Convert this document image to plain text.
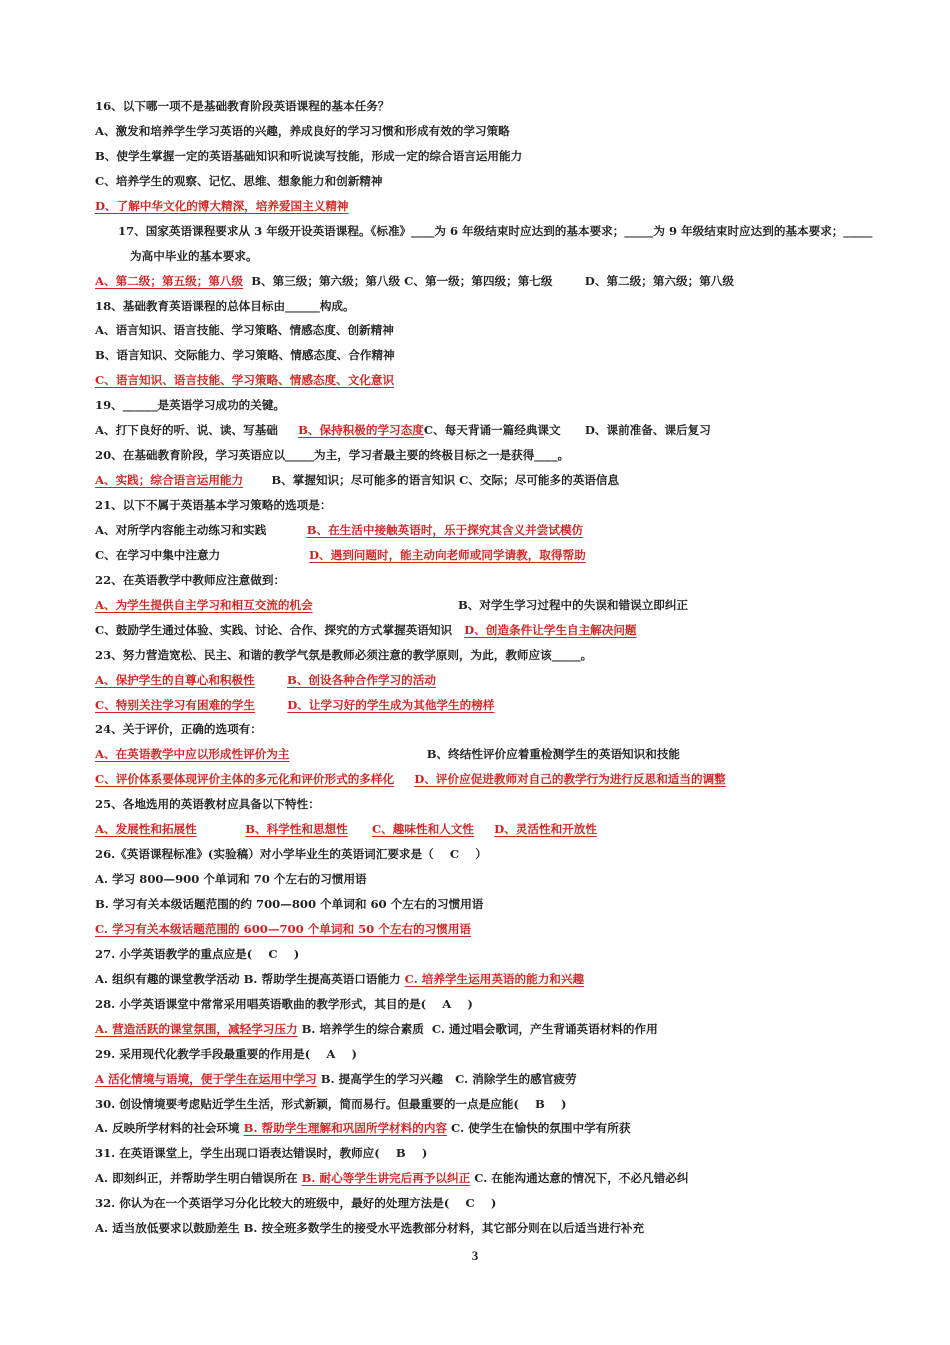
16、以下哪一项不是基础教育阶段英语课程的基本任务？
A、激发和培养学生学习英语的兴趣，养成良好的学习习惯和形成有效的学习策略
B、使学生掌握一定的英语基础知识和听说读写技能，形成一定的综合语言运用能力
C、培养学生的观察、记忆、思维、想象能力和创新精神
D、了解中华文化的博大精深，培养爱国主义精神
17、国家英语课程要求从 3 年级开设英语课程。《标准》____为 6 年级结束时应达到的基本要求；_____为 9 年级结束时应达到的基本要求；_____
为高中毕业的基本要求。
A、第二级；第五级；第八级  B、第三级；第六级；第八级 C、第一级；第四级；第七级        D、第二级；第六级；第八级
18、基础教育英语课程的总体目标由______构成。
A、语言知识、语言技能、学习策略、情感态度、创新精神
B、语言知识、交际能力、学习策略、情感态度、合作精神
C、语言知识、语言技能、学习策略、情感态度、文化意识
19、______是英语学习成功的关键。
A、打下良好的听、说、读、写基础     B、保持积极的学习态度C、每天背诵一篇经典课文      D、课前准备、课后复习
20、在基础教育阶段，学习英语应以_____为主，学习者最主要的终极目标之一是获得____。
A、实践；综合语言运用能力       B、掌握知识；尽可能多的语言知识 C、交际；尽可能多的英语信息
21、以下不属于英语基本学习策略的选项是：
A、对所学内容能主动练习和实践          B、在生活中接触英语时，乐于探究其含义并尝试模仿
C、在学习中集中注意力                      D、遇到问题时，能主动向老师或同学请教，取得帮助
22、在英语教学中教师应注意做到：
A、为学生提供自主学习和相互交流的机会                                    B、对学生学习过程中的失误和错误立即纠正
C、鼓励学生通过体验、实践、讨论、合作、探究的方式掌握英语知识   D、创造条件让学生自主解决问题
23、努力营造宽松、民主、和谐的教学气氛是教师必须注意的教学原则，为此，教师应该_____。
A、保护学生的自尊心和积极性	B、创设各种合作学习的活动
C、特别关注学习有困难的学生	D、让学习好的学生成为其他学生的榜样
24、关于评价，正确的选项有：
A、在英语教学中应以形成性评价为主                                  B、终结性评价应着重检测学生的英语知识和技能
C、评价体系要体现评价主体的多元化和评价形式的多样化 D、评价应促进教师对自己的教学行为进行反思和适当的调整
25、各地选用的英语教材应具备以下特性：
A、发展性和拓展性	B、科学性和思想性 C、趣味性和人文性 D、灵活性和开放性
26.《英语课程标准》(实验稿）对小学毕业生的英语词汇要求是（    C    ）
A. 学习 800—900 个单词和 70 个左右的习惯用语
B. 学习有关本级话题范围的约 700—800 个单词和 60 个左右的习惯用语
C. 学习有关本级话题范围的 600—700 个单词和 50 个左右的习惯用语
27. 小学英语教学的重点应是(    C    )
A. 组织有趣的课堂教学活动 B. 帮助学生提高英语口语能力 C. 培养学生运用英语的能力和兴趣
28. 小学英语课堂中常常采用唱英语歌曲的教学形式，其目的是(    A    )
A. 营造活跃的课堂氛围，减轻学习压力 B. 培养学生的综合素质  C. 通过唱会歌词，产生背诵英语材料的作用
29. 采用现代化教学手段最重要的作用是(    A    )
A 活化情境与语境，便于学生在运用中学习 B. 提高学生的学习兴趣   C. 消除学生的感官疲劳
30. 创设情境要考虑贴近学生生活，形式新颖，简而易行。但最重要的一点是应能(    B    )
A. 反映所学材料的社会环境 B. 帮助学生理解和巩固所学材料的内容 C. 使学生在愉快的氛围中学有所获
31. 在英语课堂上，学生出现口语表达错误时，教师应(    B    )
A. 即刻纠正，并帮助学生明白错误所在 B. 耐心等学生讲完后再予以纠正 C. 在能沟通达意的情况下，不必凡错必纠
32. 你认为在一个英语学习分化比较大的班级中，最好的处理方法是(    C    )
A. 适当放低要求以鼓励差生 B. 按全班多数学生的接受水平选教部分材料，其它部分则在以后适当进行补充
3
